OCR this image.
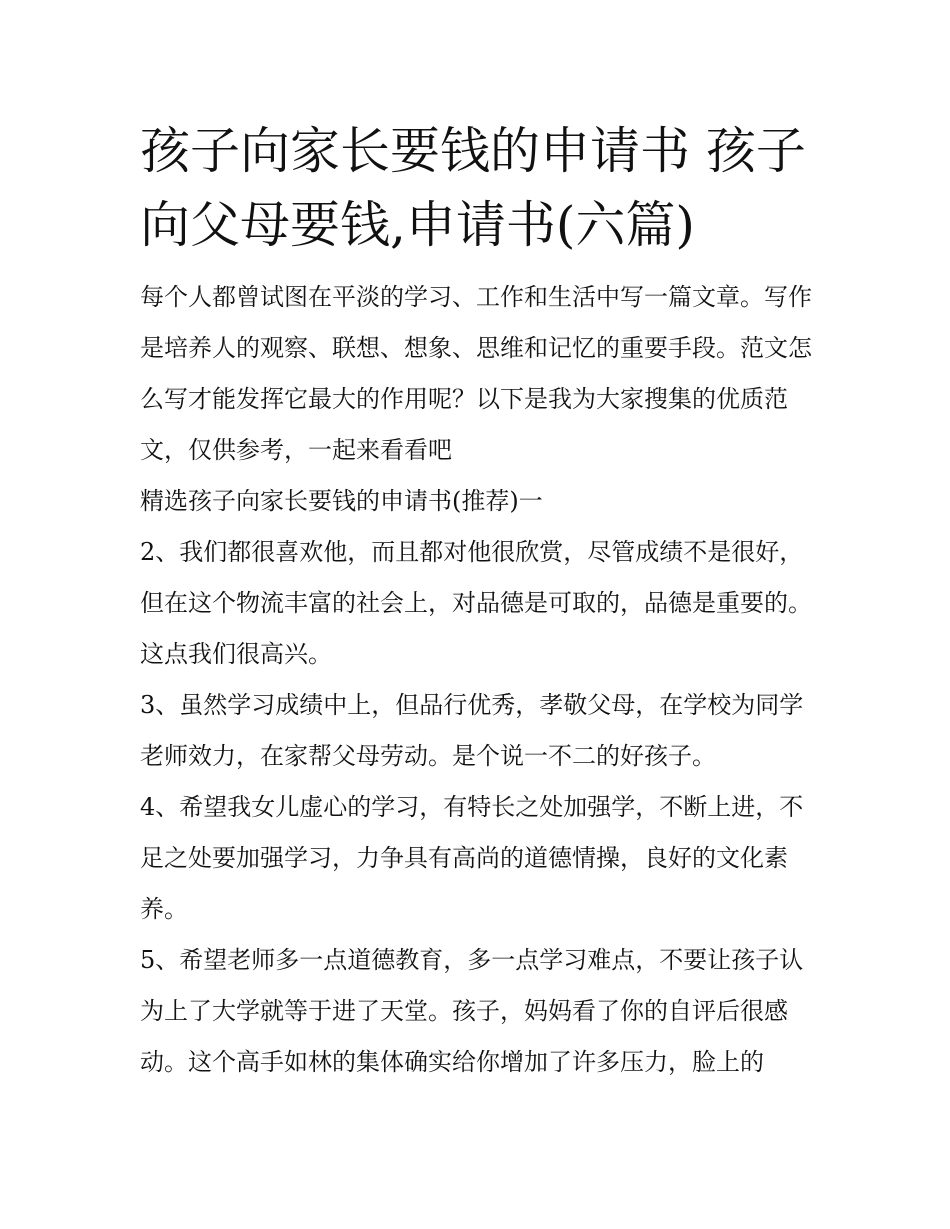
孩子向家长要钱的申请书 孩子向父母要钱,申请书(六篇)

每个人都曾试图在平淡的学习、工作和生活中写一篇文章。写作是培养人的观察、联想、想象、思维和记忆的重要手段。范文怎么写才能发挥它最大的作用呢？以下是我为大家搜集的优质范文，仅供参考，一起来看看吧

精选孩子向家长要钱的申请书(推荐)一

2、我们都很喜欢他，而且都对他很欣赏，尽管成绩不是很好，但在这个物流丰富的社会上，对品德是可取的，品德是重要的。这点我们很高兴。

3、虽然学习成绩中上，但品行优秀，孝敬父母，在学校为同学老师效力，在家帮父母劳动。是个说一不二的好孩子。

4、希望我女儿虚心的学习，有特长之处加强学，不断上进，不足之处要加强学习，力争具有高尚的道德情操，良好的文化素养。

5、希望老师多一点道德教育，多一点学习难点，不要让孩子认为上了大学就等于进了天堂。孩子，妈妈看了你的自评后很感动。这个高手如林的集体确实给你增加了许多压力，脸上的
